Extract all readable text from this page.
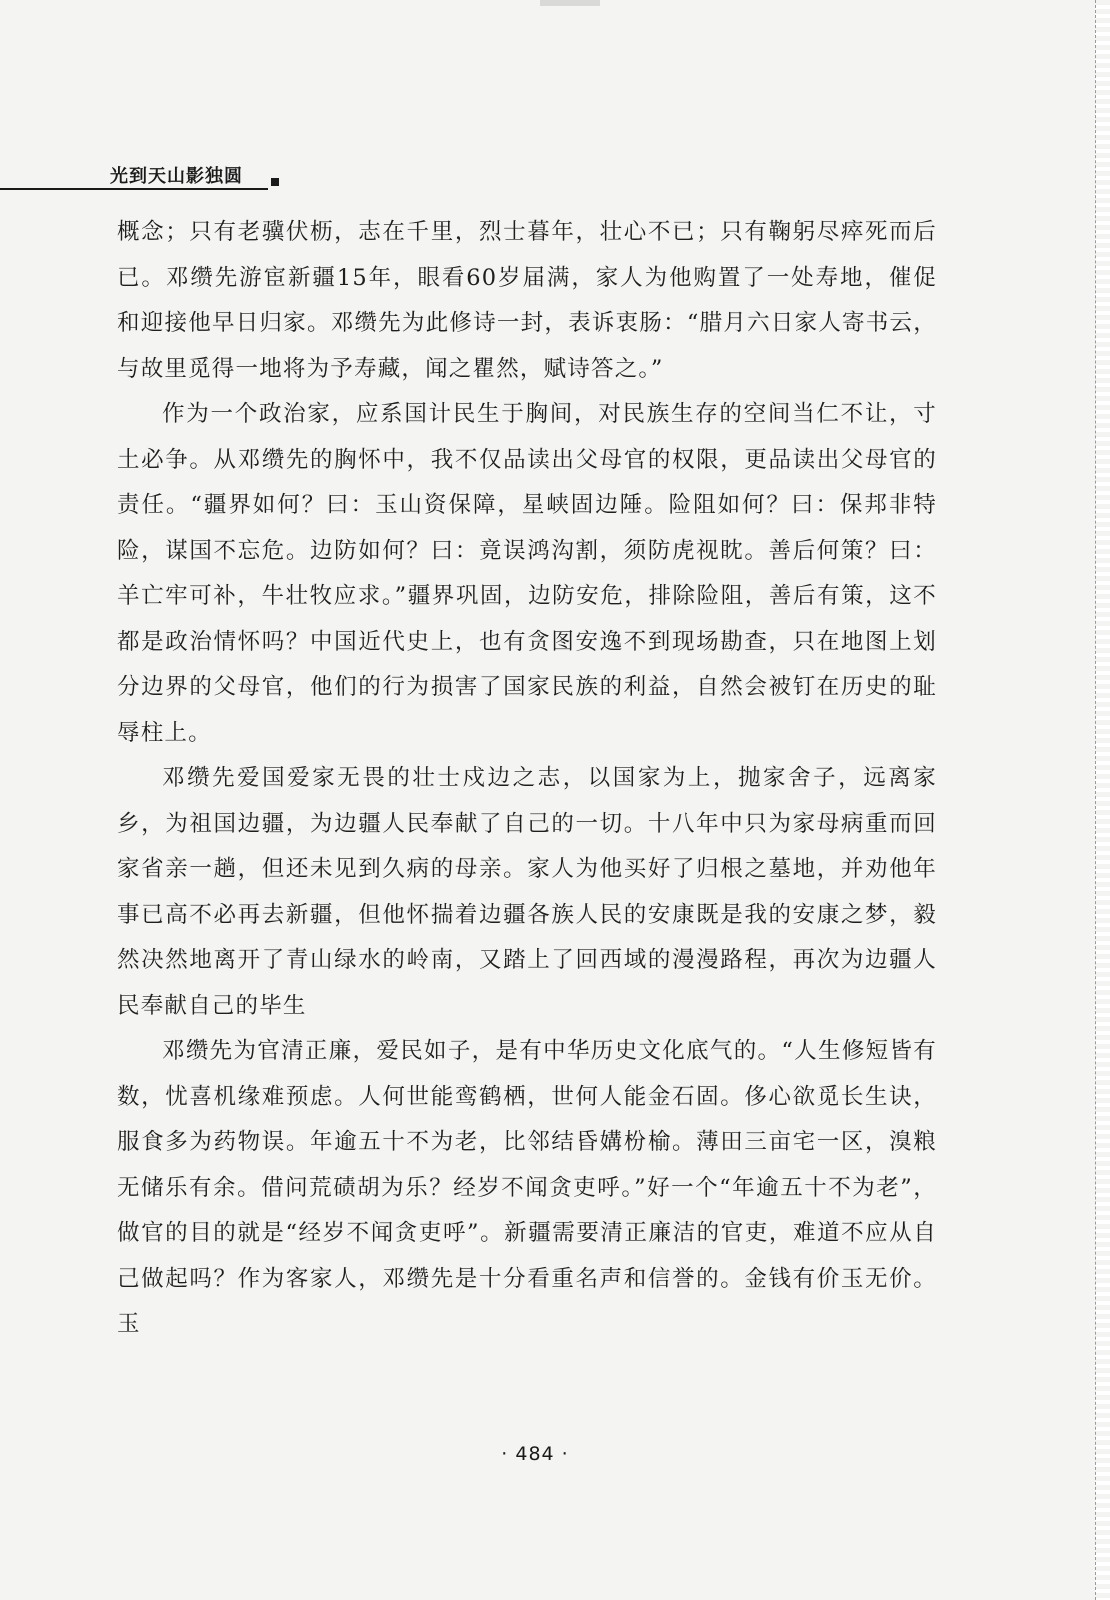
光到天山影独圆

概念；只有老骥伏枥，志在千里，烈士暮年，壮心不已；只有鞠躬尽瘁死而后已。邓缵先游宦新疆15年，眼看60岁届满，家人为他购置了一处寿地，催促和迎接他早日归家。邓缵先为此修诗一封，表诉衷肠：“腊月六日家人寄书云，与故里觅得一地将为予寿藏，闻之瞿然，赋诗答之。”

作为一个政治家，应系国计民生于胸间，对民族生存的空间当仁不让，寸土必争。从邓缵先的胸怀中，我不仅品读出父母官的权限，更品读出父母官的责任。“疆界如何？曰：玉山资保障，星峡固边陲。险阻如何？曰：保邦非特险，谋国不忘危。边防如何？曰：竟误鸿沟割，须防虎视眈。善后何策？曰：羊亡牢可补，牛壮牧应求。”疆界巩固，边防安危，排除险阻，善后有策，这不都是政治情怀吗？中国近代史上，也有贪图安逸不到现场勘查，只在地图上划分边界的父母官，他们的行为损害了国家民族的利益，自然会被钉在历史的耻辱柱上。

邓缵先爱国爱家无畏的壮士戍边之志，以国家为上，抛家舍子，远离家乡，为祖国边疆，为边疆人民奉献了自己的一切。十八年中只为家母病重而回家省亲一趟，但还未见到久病的母亲。家人为他买好了归根之墓地，并劝他年事已高不必再去新疆，但他怀揣着边疆各族人民的安康既是我的安康之梦，毅然决然地离开了青山绿水的岭南，又踏上了回西域的漫漫路程，再次为边疆人民奉献自己的毕生

邓缵先为官清正廉，爱民如子，是有中华历史文化底气的。“人生修短皆有数，忧喜机缘难预虑。人何世能鸾鹤栖，世何人能金石固。侈心欲觅长生诀，服食多为药物误。年逾五十不为老，比邻结昏媾枌榆。薄田三亩宅一区，溴粮无储乐有余。借问荒碛胡为乐？经岁不闻贪吏呼。”好一个“年逾五十不为老”，做官的目的就是“经岁不闻贪吏呼”。新疆需要清正廉洁的官吏，难道不应从自己做起吗？作为客家人，邓缵先是十分看重名声和信誉的。金钱有价玉无价。玉

· 484 ·
